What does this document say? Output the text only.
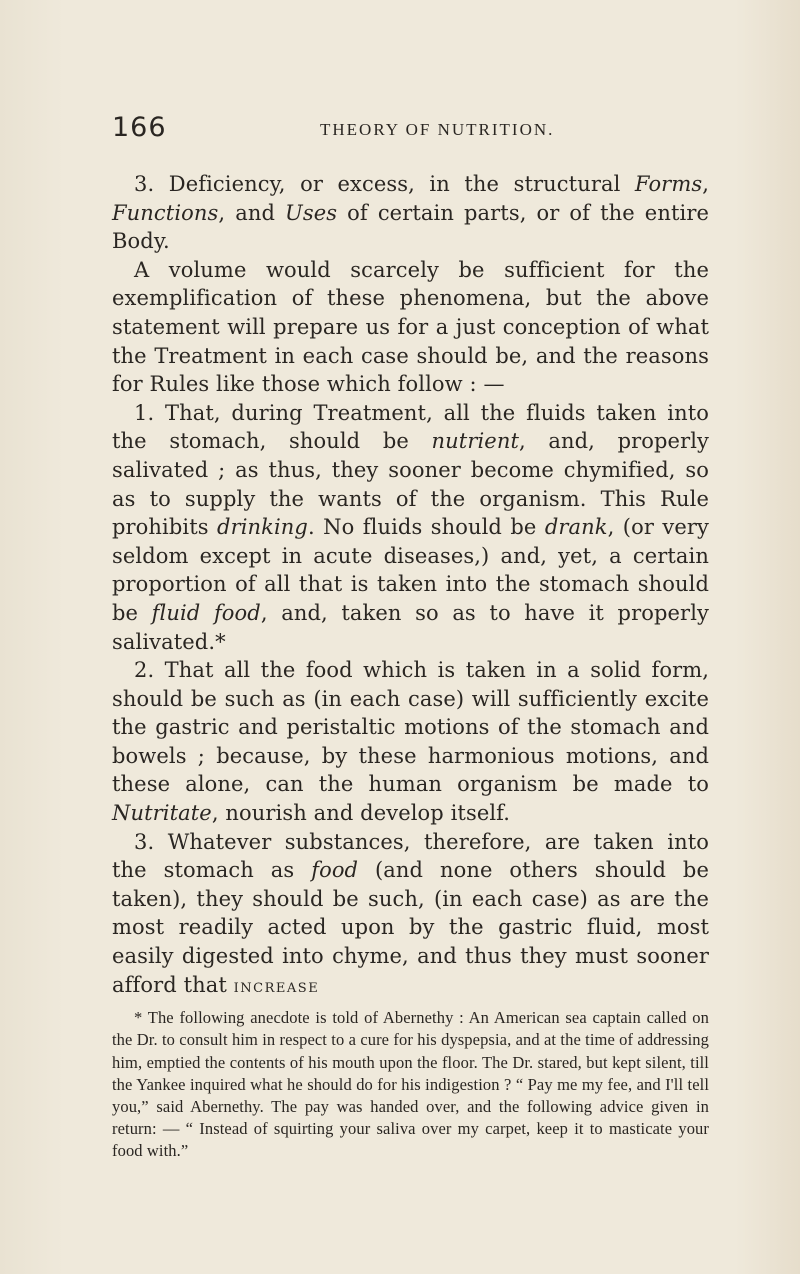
166	THEORY OF NUTRITION.

3. Deficiency, or excess, in the structural Forms, Functions, and Uses of certain parts, or of the entire Body.

A volume would scarcely be sufficient for the exemplification of these phenomena, but the above statement will prepare us for a just conception of what the Treatment in each case should be, and the reasons for Rules like those which follow : —

1. That, during Treatment, all the fluids taken into the stomach, should be nutrient, and, properly salivated ; as thus, they sooner become chymified, so as to supply the wants of the organism. This Rule prohibits drinking. No fluids should be drank, (or very seldom except in acute diseases,) and, yet, a certain proportion of all that is taken into the stomach should be fluid food, and, taken so as to have it properly salivated.*

2. That all the food which is taken in a solid form, should be such as (in each case) will sufficiently excite the gastric and peristaltic motions of the stomach and bowels ; because, by these harmonious motions, and these alone, can the human organism be made to Nutritate, nourish and develop itself.

3. Whatever substances, therefore, are taken into the stomach as food (and none others should be taken), they should be such, (in each case) as are the most readily acted upon by the gastric fluid, most easily digested into chyme, and thus they must sooner afford that increase

* The following anecdote is told of Abernethy : An American sea captain called on the Dr. to consult him in respect to a cure for his dyspepsia, and at the time of addressing him, emptied the contents of his mouth upon the floor. The Dr. stared, but kept silent, till the Yankee inquired what he should do for his indigestion ? “ Pay me my fee, and I'll tell you,” said Abernethy. The pay was handed over, and the following advice given in return: — “ Instead of squirting your saliva over my carpet, keep it to masticate your food with.”
